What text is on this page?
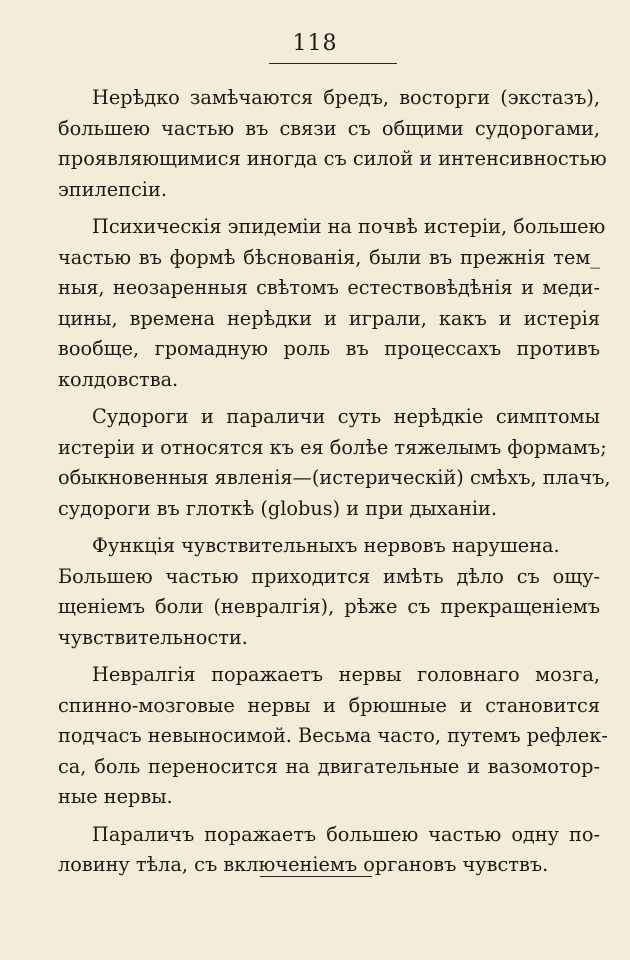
118
Нерѣдко замѣчаются бредъ, восторги (экстазъ),
большею частью въ связи съ общими судорогами,
проявляющимися иногда съ силой и интенсивностью
эпилепсіи.
Психическія эпидеміи на почвѣ истеріи, большею
частью въ формѣ бѣснованія, были въ прежнія тем_
ныя, неозаренныя свѣтомъ естествовѣдѣнія и меди-
цины, времена нерѣдки и играли, какъ и истерія
вообще, громадную роль въ процессахъ противъ
колдовства.
Судороги и параличи суть нерѣдкіе симптомы
истеріи и относятся къ ея болѣе тяжелымъ формамъ;
обыкновенныя явленія—(истерическій) смѣхъ, плачъ,
судороги въ глоткѣ (globus) и при дыханіи.
Функція чувствительныхъ нервовъ нарушена.
Большею частью приходится имѣть дѣло съ ощу-
щеніемъ боли (невралгія), рѣже съ прекращеніемъ
чувствительности.
Невралгія поражаетъ нервы головнаго мозга,
спинно-мозговые нервы и брюшные и становится
подчасъ невыносимой. Весьма часто, путемъ рефлек-
са, боль переносится на двигательные и вазомотор-
ные нервы.
Параличъ поражаетъ большею частью одну по-
ловину тѣла, съ включеніемъ органовъ чувствъ.
